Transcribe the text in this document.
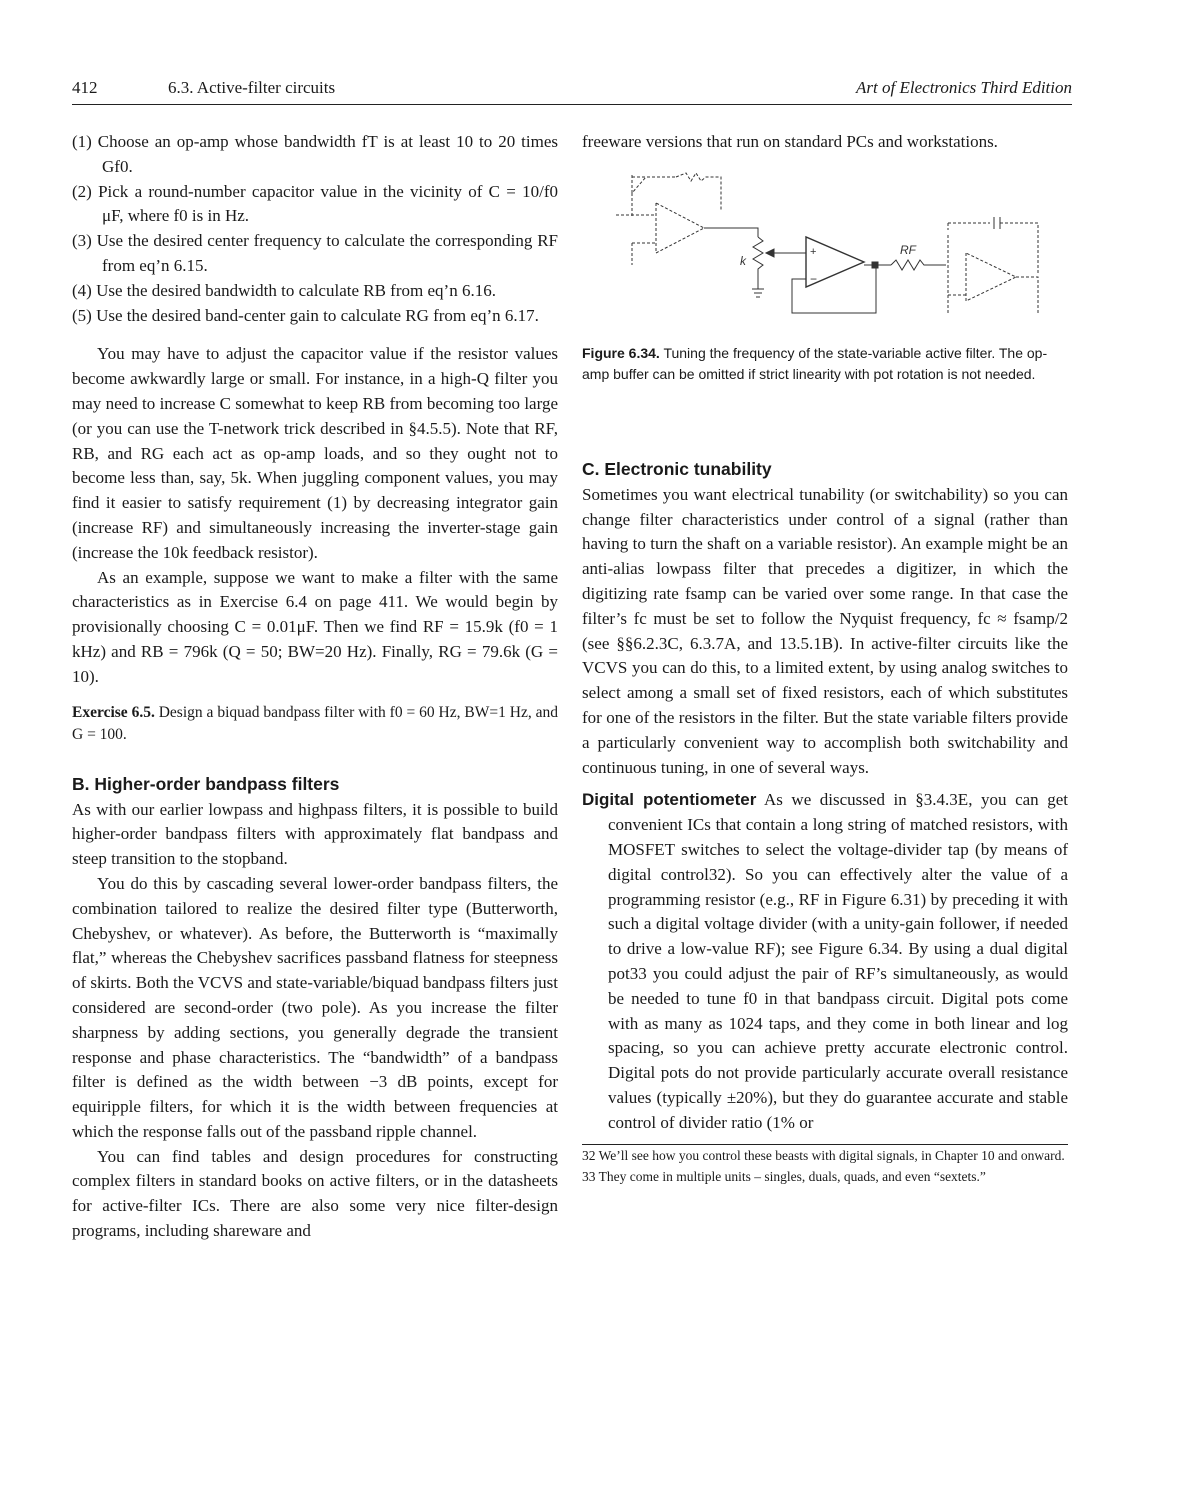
412	6.3. Active-filter circuits	Art of Electronics Third Edition

(1) Choose an op-amp whose bandwidth fT is at least 10 to 20 times Gf0.

(2) Pick a round-number capacitor value in the vicinity of C = 10/f0 μF, where f0 is in Hz.

(3) Use the desired center frequency to calculate the corresponding RF from eq’n 6.15.

(4) Use the desired bandwidth to calculate RB from eq’n 6.16.

(5) Use the desired band-center gain to calculate RG from eq’n 6.17.

You may have to adjust the capacitor value if the resistor values become awkwardly large or small. For instance, in a high-Q filter you may need to increase C somewhat to keep RB from becoming too large (or you can use the T-network trick described in §4.5.5). Note that RF, RB, and RG each act as op-amp loads, and so they ought not to become less than, say, 5k. When juggling component values, you may find it easier to satisfy requirement (1) by decreasing integrator gain (increase RF) and simultaneously increasing the inverter-stage gain (increase the 10k feedback resistor).

As an example, suppose we want to make a filter with the same characteristics as in Exercise 6.4 on page 411. We would begin by provisionally choosing C = 0.01μF. Then we find RF = 15.9k (f0 = 1 kHz) and RB = 796k (Q = 50; BW=20 Hz). Finally, RG = 79.6k (G = 10).

Exercise 6.5. Design a biquad bandpass filter with f0 = 60 Hz, BW=1 Hz, and G = 100.

B. Higher-order bandpass filters

As with our earlier lowpass and highpass filters, it is possible to build higher-order bandpass filters with approximately flat bandpass and steep transition to the stopband.

You do this by cascading several lower-order bandpass filters, the combination tailored to realize the desired filter type (Butterworth, Chebyshev, or whatever). As before, the Butterworth is “maximally flat,” whereas the Chebyshev sacrifices passband flatness for steepness of skirts. Both the VCVS and state-variable/biquad bandpass filters just considered are second-order (two pole). As you increase the filter sharpness by adding sections, you generally degrade the transient response and phase characteristics. The “bandwidth” of a bandpass filter is defined as the width between −3 dB points, except for equiripple filters, for which it is the width between frequencies at which the response falls out of the passband ripple channel.

You can find tables and design procedures for constructing complex filters in standard books on active filters, or in the datasheets for active-filter ICs. There are also some very nice filter-design programs, including shareware and

freeware versions that run on standard PCs and workstations.

+
−
k
RF

Figure 6.34. Tuning the frequency of the state-variable active filter. The op-amp buffer can be omitted if strict linearity with pot rotation is not needed.

C. Electronic tunability

Sometimes you want electrical tunability (or switchability) so you can change filter characteristics under control of a signal (rather than having to turn the shaft on a variable resistor). An example might be an anti-alias lowpass filter that precedes a digitizer, in which the digitizing rate fsamp can be varied over some range. In that case the filter’s fc must be set to follow the Nyquist frequency, fc ≈ fsamp/2 (see §§6.2.3C, 6.3.7A, and 13.5.1B). In active-filter circuits like the VCVS you can do this, to a limited extent, by using analog switches to select among a small set of fixed resistors, each of which substitutes for one of the resistors in the filter. But the state variable filters provide a particularly convenient way to accomplish both switchability and continuous tuning, in one of several ways.

Digital potentiometer As we discussed in §3.4.3E, you can get convenient ICs that contain a long string of matched resistors, with MOSFET switches to select the voltage-divider tap (by means of digital control32). So you can effectively alter the value of a programming resistor (e.g., RF in Figure 6.31) by preceding it with such a digital voltage divider (with a unity-gain follower, if needed to drive a low-value RF); see Figure 6.34. By using a dual digital pot33 you could adjust the pair of RF’s simultaneously, as would be needed to tune f0 in that bandpass circuit. Digital pots come with as many as 1024 taps, and they come in both linear and log spacing, so you can achieve pretty accurate electronic control. Digital pots do not provide particularly accurate overall resistance values (typically ±20%), but they do guarantee accurate and stable control of divider ratio (1% or

32 We’ll see how you control these beasts with digital signals, in Chapter 10 and onward.

33 They come in multiple units – singles, duals, quads, and even “sextets.”
